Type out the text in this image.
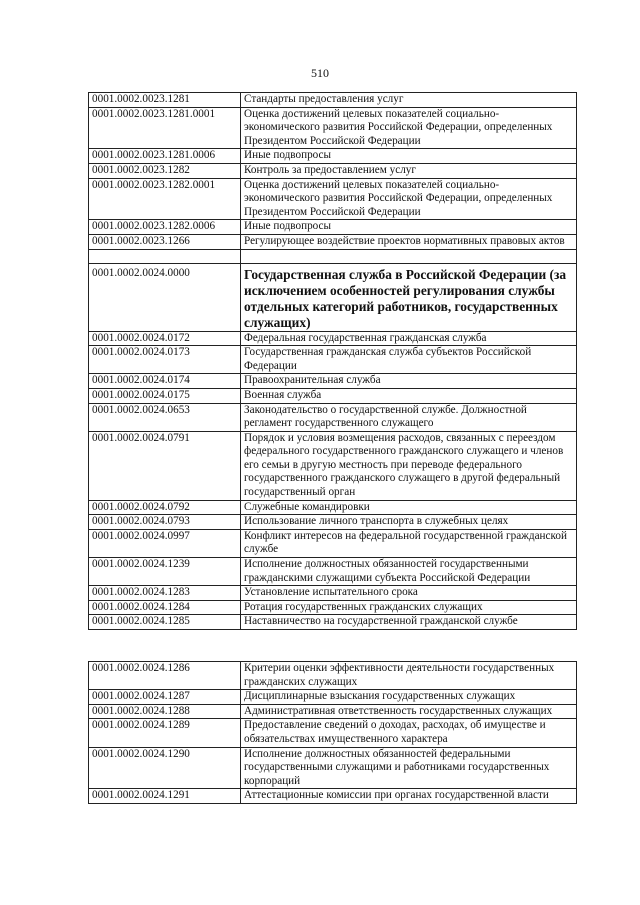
510
0001.0002.0023.1281	Стандарты предоставления услуг
0001.0002.0023.1281.0001	Оценка достижений целевых показателей социально-экономического развития Российской Федерации, определенных Президентом Российской Федерации
0001.0002.0023.1281.0006	Иные подвопросы
0001.0002.0023.1282	Контроль за предоставлением услуг
0001.0002.0023.1282.0001	Оценка достижений целевых показателей социально-экономического развития Российской Федерации, определенных Президентом Российской Федерации
0001.0002.0023.1282.0006	Иные подвопросы
0001.0002.0023.1266	Регулирующее воздействие проектов нормативных правовых актов

0001.0002.0024.0000	Государственная служба в Российской Федерации (за исключением особенностей регулирования службы отдельных категорий работников, государственных служащих)
0001.0002.0024.0172	Федеральная государственная гражданская служба
0001.0002.0024.0173	Государственная гражданская служба субъектов Российской Федерации
0001.0002.0024.0174	Правоохранительная служба
0001.0002.0024.0175	Военная служба
0001.0002.0024.0653	Законодательство о государственной службе. Должностной регламент государственного служащего
0001.0002.0024.0791	Порядок и условия возмещения расходов, связанных с переездом федерального государственного гражданского служащего и членов его семьи в другую местность при переводе федерального государственного гражданского служащего в другой федеральный государственный орган
0001.0002.0024.0792	Служебные командировки
0001.0002.0024.0793	Использование личного транспорта в служебных целях
0001.0002.0024.0997	Конфликт интересов на федеральной государственной гражданской службе
0001.0002.0024.1239	Исполнение должностных обязанностей государственными гражданскими служащими субъекта Российской Федерации
0001.0002.0024.1283	Установление испытательного срока
0001.0002.0024.1284	Ротация государственных гражданских служащих
0001.0002.0024.1285	Наставничество на государственной гражданской службе
0001.0002.0024.1286	Критерии оценки эффективности деятельности государственных гражданских служащих
0001.0002.0024.1287	Дисциплинарные взыскания государственных служащих
0001.0002.0024.1288	Административная ответственность государственных служащих
0001.0002.0024.1289	Предоставление сведений о доходах, расходах, об имуществе и обязательствах имущественного характера
0001.0002.0024.1290	Исполнение должностных обязанностей федеральными государственными служащими и работниками государственных корпораций
0001.0002.0024.1291	Аттестационные комиссии при органах государственной власти
